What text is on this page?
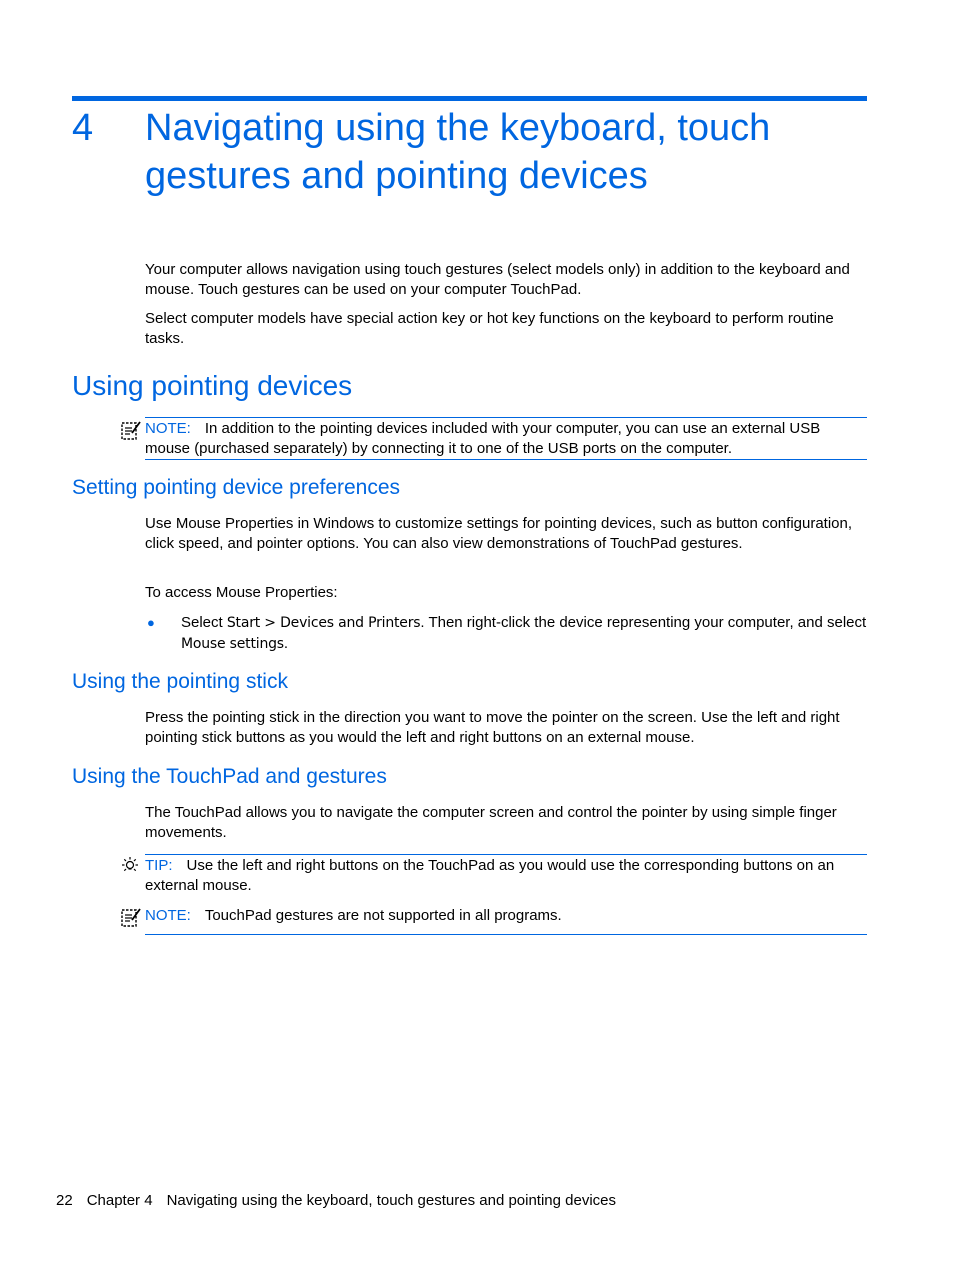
4 Navigating using the keyboard, touch
gestures and pointing devices

Your computer allows navigation using touch gestures (select models only) in addition to the keyboard and mouse. Touch gestures can be used on your computer TouchPad.

Select computer models have special action key or hot key functions on the keyboard to perform routine tasks.

Using pointing devices
NOTE: In addition to the pointing devices included with your computer, you can use an external USB mouse (purchased separately) by connecting it to one of the USB ports on the computer.
Setting pointing device preferences

Use Mouse Properties in Windows to customize settings for pointing devices, such as button configuration, click speed, and pointer options. You can also view demonstrations of TouchPad gestures.

To access Mouse Properties:

● Select Start > Devices and Printers. Then right-click the device representing your computer, and select Mouse settings.
Using the pointing stick

Press the pointing stick in the direction you want to move the pointer on the screen. Use the left and right pointing stick buttons as you would the left and right buttons on an external mouse.

Using the TouchPad and gestures

The TouchPad allows you to navigate the computer screen and control the pointer by using simple finger movements.

TIP: Use the left and right buttons on the TouchPad as you would use the corresponding buttons on an external mouse.
NOTE: TouchPad gestures are not supported in all programs.
22 Chapter 4 Navigating using the keyboard, touch gestures and pointing devices
